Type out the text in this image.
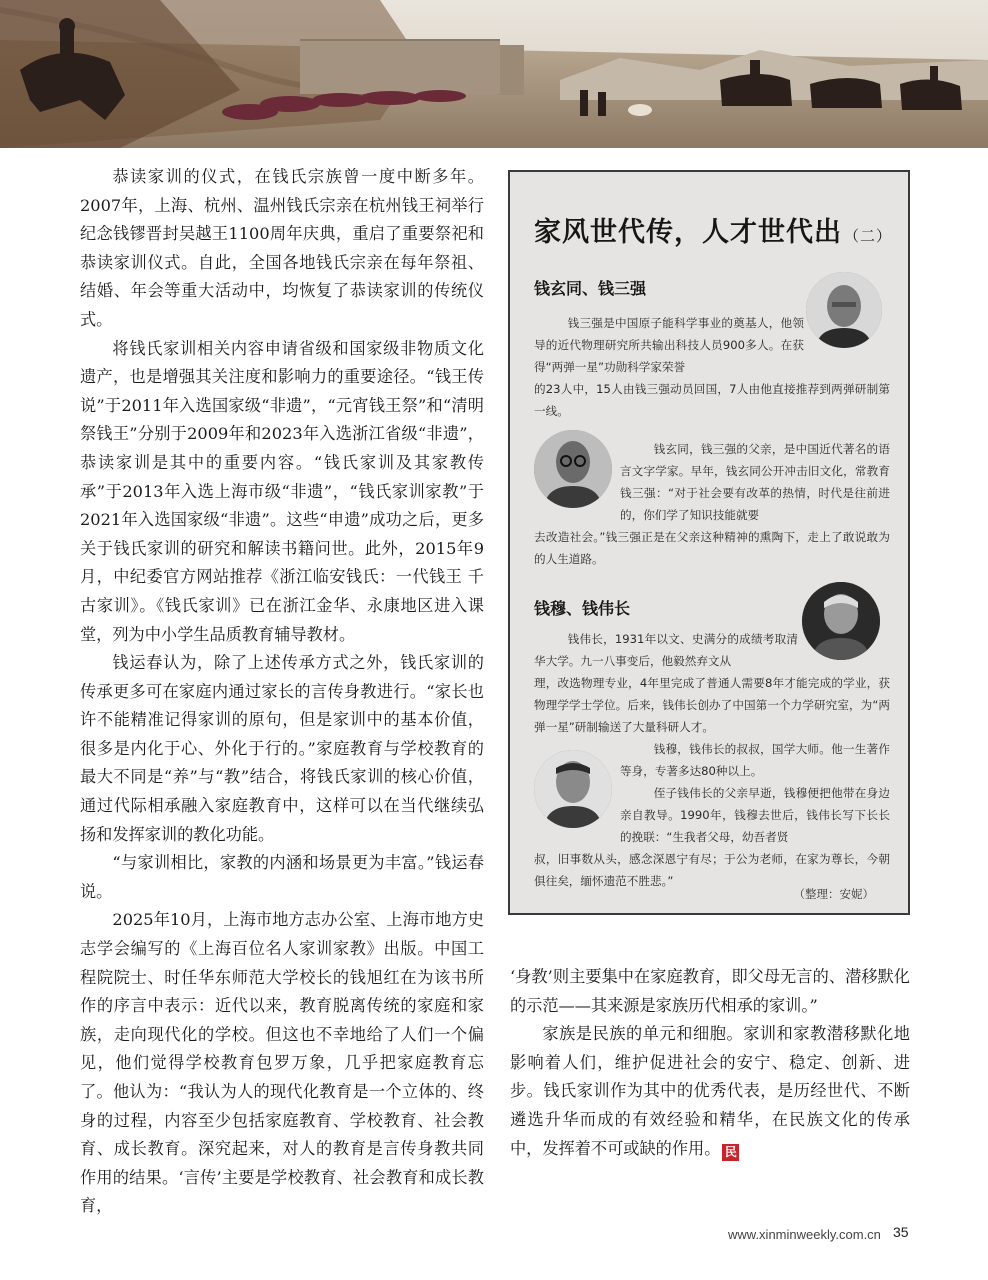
恭读家训的仪式，在钱氏宗族曾一度中断多年。2007年，上海、杭州、温州钱氏宗亲在杭州钱王祠举行纪念钱镠晋封吴越王1100周年庆典，重启了重要祭祀和恭读家训仪式。自此，全国各地钱氏宗亲在每年祭祖、结婚、年会等重大活动中，均恢复了恭读家训的传统仪式。

将钱氏家训相关内容申请省级和国家级非物质文化遗产，也是增强其关注度和影响力的重要途径。“钱王传说”于2011年入选国家级“非遗”，“元宵钱王祭”和“清明祭钱王”分别于2009年和2023年入选浙江省级“非遗”，恭读家训是其中的重要内容。“钱氏家训及其家教传承”于2013年入选上海市级“非遗”，“钱氏家训家教”于2021年入选国家级“非遗”。这些“申遗”成功之后，更多关于钱氏家训的研究和解读书籍问世。此外，2015年9月，中纪委官方网站推荐《浙江临安钱氏：一代钱王 千古家训》。《钱氏家训》已在浙江金华、永康地区进入课堂，列为中小学生品质教育辅导教材。

钱运春认为，除了上述传承方式之外，钱氏家训的传承更多可在家庭内通过家长的言传身教进行。“家长也许不能精准记得家训的原句，但是家训中的基本价值，很多是内化于心、外化于行的。”家庭教育与学校教育的最大不同是“养”与“教”结合，将钱氏家训的核心价值，通过代际相承融入家庭教育中，这样可以在当代继续弘扬和发挥家训的教化功能。

“与家训相比，家教的内涵和场景更为丰富。”钱运春说。

2025年10月，上海市地方志办公室、上海市地方史志学会编写的《上海百位名人家训家教》出版。中国工程院院士、时任华东师范大学校长的钱旭红在为该书所作的序言中表示：近代以来，教育脱离传统的家庭和家族，走向现代化的学校。但这也不幸地给了人们一个偏见，他们觉得学校教育包罗万象，几乎把家庭教育忘了。他认为：“我认为人的现代化教育是一个立体的、终身的过程，内容至少包括家庭教育、学校教育、社会教育、成长教育。深究起来，对人的教育是言传身教共同作用的结果。‘言传’主要是学校教育、社会教育和成长教育，

家风世代传，人才世代出 （二）
钱玄同、钱三强

钱三强是中国原子能科学事业的奠基人，他领导的近代物理研究所共输出科技人员900多人。在获得“两弹一星”功勋科学家荣誉

的23人中，15人由钱三强动员回国，7人由他直接推荐到两弹研制第一线。

钱玄同，钱三强的父亲，是中国近代著名的语言文字学家。早年，钱玄同公开冲击旧文化，常教育钱三强：“对于社会要有改革的热情，时代是往前进的，你们学了知识技能就要

去改造社会。”钱三强正是在父亲这种精神的熏陶下，走上了敢说敢为的人生道路。

钱穆、钱伟长

钱伟长，1931年以文、史满分的成绩考取清华大学。九一八事变后，他毅然弃文从

理，改选物理专业，4年里完成了普通人需要8年才能完成的学业，获物理学学士学位。后来，钱伟长创办了中国第一个力学研究室，为“两弹一星”研制输送了大量科研人才。

钱穆，钱伟长的叔叔，国学大师。他一生著作等身，专著多达80种以上。

侄子钱伟长的父亲早逝，钱穆便把他带在身边亲自教导。1990年，钱穆去世后，钱伟长写下长长的挽联：“生我者父母，幼吾者贤

叔，旧事数从头，感念深恩宁有尽；于公为老师，在家为尊长，今朝俱往矣，缅怀遗范不胜悲。”

（整理：安妮）

‘身教’则主要集中在家庭教育，即父母无言的、潜移默化的示范——其来源是家族历代相承的家训。”

家族是民族的单元和细胞。家训和家教潜移默化地影响着人们，维护促进社会的安宁、稳定、创新、进步。钱氏家训作为其中的优秀代表，是历经世代、不断遴选升华而成的有效经验和精华，在民族文化的传承中，发挥着不可或缺的作用。 民

www.xinminweekly.com.cn 35
